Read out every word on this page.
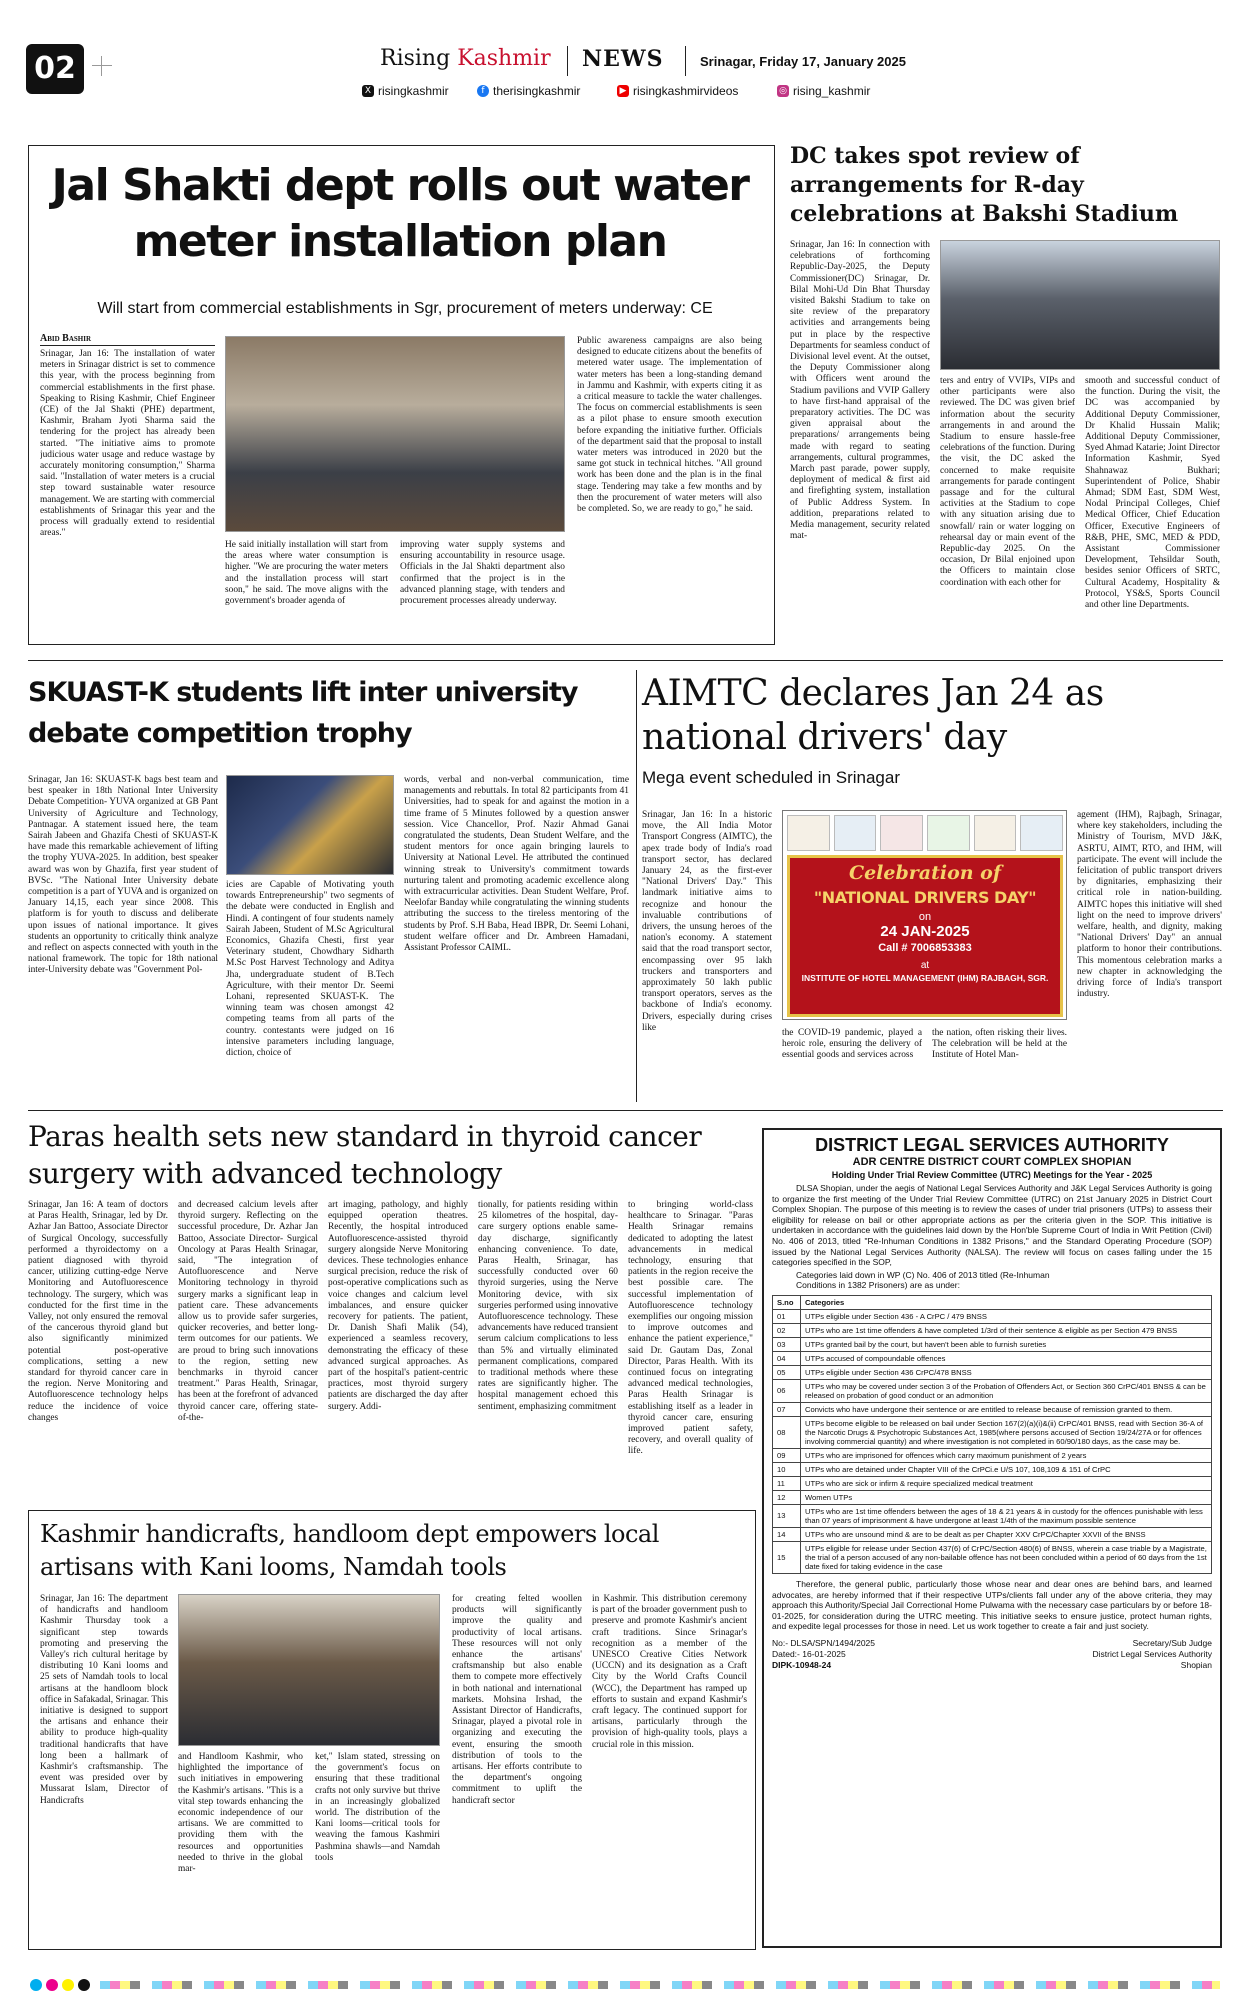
02	Rising Kashmir NEWS	Srinagar, Friday 17, January 2025
X risingkashmir	f therisingkashmir	▶ risingkashmirvideos	◎ rising_kashmir
Jal Shakti dept rolls out water meter installation plan
Will start from commercial establishments in Sgr, procurement of meters underway: CE
Abid Bashir
Srinagar, Jan 16: The installation of water meters in Srinagar district is set to commence this year, with the process beginning from commercial establishments in the first phase. Speaking to Rising Kashmir, Chief Engineer (CE) of the Jal Shakti (PHE) department, Kashmir, Braham Jyoti Sharma said the tendering for the project has already been started. "The initiative aims to promote judicious water usage and reduce wastage by accurately monitoring consumption," Sharma said. "Installation of water meters is a crucial step toward sustainable water resource management. We are starting with commercial establishments of Srinagar this year and the process will gradually extend to residential areas."
He said initially installation will start from the areas where water consumption is higher. "We are procuring the water meters and the installation process will start soon," he said. The move aligns with the government's broader agenda of
improving water supply systems and ensuring accountability in resource usage. Officials in the Jal Shakti department also confirmed that the project is in the advanced planning stage, with tenders and procurement processes already underway.
Public awareness campaigns are also being designed to educate citizens about the benefits of metered water usage. The implementation of water meters has been a long-standing demand in Jammu and Kashmir, with experts citing it as a critical measure to tackle the water challenges. The focus on commercial establishments is seen as a pilot phase to ensure smooth execution before expanding the initiative further. Officials of the department said that the proposal to install water meters was introduced in 2020 but the same got stuck in technical hitches. "All ground work has been done and the plan is in the final stage. Tendering may take a few months and by then the procurement of water meters will also be completed. So, we are ready to go," he said.
DC takes spot review of arrangements for R-day celebrations at Bakshi Stadium
Srinagar, Jan 16: In connection with celebrations of forthcoming Republic-Day-2025, the Deputy Commissioner(DC) Srinagar, Dr. Bilal Mohi-Ud Din Bhat Thursday visited Bakshi Stadium to take on site review of the preparatory activities and arrangements being put in place by the respective Departments for seamless conduct of Divisional level event. At the outset, the Deputy Commissioner along with Officers went around the Stadium pavilions and VVIP Gallery to have first-hand appraisal of the preparatory activities. The DC was given appraisal about the preparations/ arrangements being made with regard to seating arrangements, cultural programmes, March past parade, power supply, deployment of medical & first aid and firefighting system, installation of Public Address System. In addition, preparations related to Media management, security related mat-
ters and entry of VVIPs, VIPs and other participants were also reviewed. The DC was given brief information about the security arrangements in and around the Stadium to ensure hassle-free celebrations of the function. During the visit, the DC asked the concerned to make requisite arrangements for parade contingent passage and for the cultural activities at the Stadium to cope with any situation arising due to snowfall/ rain or water logging on rehearsal day or main event of the Republic-day 2025. On the occasion, Dr Bilal enjoined upon the Officers to maintain close coordination with each other for
smooth and successful conduct of the function. During the visit, the DC was accompanied by Additional Deputy Commissioner, Dr Khalid Hussain Malik; Additional Deputy Commissioner, Syed Ahmad Katarie; Joint Director Information Kashmir, Syed Shahnawaz Bukhari; Superintendent of Police, Shabir Ahmad; SDM East, SDM West, Nodal Principal Colleges, Chief Medical Officer, Chief Education Officer, Executive Engineers of R&B, PHE, SMC, MED & PDD, Assistant Commissioner Development, Tehsildar South, besides senior Officers of SRTC, Cultural Academy, Hospitality & Protocol, YS&S, Sports Council and other line Departments.
SKUAST-K students lift inter university debate competition trophy
Srinagar, Jan 16: SKUAST-K bags best team and best speaker in 18th National Inter University Debate Competition- YUVA organized at GB Pant University of Agriculture and Technology, Pantnagar. A statement issued here, the team Sairah Jabeen and Ghazifa Chesti of SKUAST-K have made this remarkable achievement of lifting the trophy YUVA-2025. In addition, best speaker award was won by Ghazifa, first year student of BVSc. "The National Inter University debate competition is a part of YUVA and is organized on January 14,15, each year since 2008. This platform is for youth to discuss and deliberate upon issues of national importance. It gives students an opportunity to critically think analyze and reflect on aspects connected with youth in the national framework. The topic for 18th national inter-University debate was "Government Pol-
icies are Capable of Motivating youth towards Entrepreneurship" two segments of the debate were conducted in English and Hindi. A contingent of four students namely Sairah Jabeen, Student of M.Sc Agricultural Economics, Ghazifa Chesti, first year Veterinary student, Chowdhary Sidharth M.Sc Post Harvest Technology and Aditya Jha, undergraduate student of B.Tech Agriculture, with their mentor Dr. Seemi Lohani, represented SKUAST-K. The winning team was chosen amongst 42 competing teams from all parts of the country. contestants were judged on 16 intensive parameters including language, diction, choice of
words, verbal and non-verbal communication, time managements and rebuttals. In total 82 participants from 41 Universities, had to speak for and against the motion in a time frame of 5 Minutes followed by a question answer session. Vice Chancellor, Prof. Nazir Ahmad Ganai congratulated the students, Dean Student Welfare, and the student mentors for once again bringing laurels to University at National Level. He attributed the continued winning streak to University's commitment towards nurturing talent and promoting academic excellence along with extracurricular activities. Dean Student Welfare, Prof. Neelofar Banday while congratulating the winning students attributing the success to the tireless mentoring of the students by Prof. S.H Baba, Head IBPR, Dr. Seemi Lohani, student welfare officer and Dr. Ambreen Hamadani, Assistant Professor CAIML.
AIMTC declares Jan 24 as national drivers' day
Mega event scheduled in Srinagar
Srinagar, Jan 16: In a historic move, the All India Motor Transport Congress (AIMTC), the apex trade body of India's road transport sector, has declared January 24, as the first-ever "National Drivers' Day." This landmark initiative aims to recognize and honour the invaluable contributions of drivers, the unsung heroes of the nation's economy. A statement said that the road transport sector, encompassing over 95 lakh truckers and transporters and approximately 50 lakh public transport operators, serves as the backbone of India's economy. Drivers, especially during crises like
Celebration of
"NATIONAL DRIVERS DAY"
on
24 JAN-2025
Call # 7006853383
at
INSTITUTE OF HOTEL MANAGEMENT (IHM) RAJBAGH, SGR.
the COVID-19 pandemic, played a heroic role, ensuring the delivery of essential goods and services across
the nation, often risking their lives. The celebration will be held at the Institute of Hotel Man-
agement (IHM), Rajbagh, Srinagar, where key stakeholders, including the Ministry of Tourism, MVD J&K, ASRTU, AIMT, RTO, and IHM, will participate. The event will include the felicitation of public transport drivers by dignitaries, emphasizing their critical role in nation-building. AIMTC hopes this initiative will shed light on the need to improve drivers' welfare, health, and dignity, making "National Drivers' Day" an annual platform to honor their contributions. This momentous celebration marks a new chapter in acknowledging the driving force of India's transport industry.
Paras health sets new standard in thyroid cancer surgery with advanced technology
Srinagar, Jan 16: A team of doctors at Paras Health, Srinagar, led by Dr. Azhar Jan Battoo, Associate Director of Surgical Oncology, successfully performed a thyroidectomy on a patient diagnosed with thyroid cancer, utilizing cutting-edge Nerve Monitoring and Autofluorescence technology. The surgery, which was conducted for the first time in the Valley, not only ensured the removal of the cancerous thyroid gland but also significantly minimized potential post-operative complications, setting a new standard for thyroid cancer care in the region. Nerve Monitoring and Autofluorescence technology helps reduce the incidence of voice changes
and decreased calcium levels after thyroid surgery. Reflecting on the successful procedure, Dr. Azhar Jan Battoo, Associate Director- Surgical Oncology at Paras Health Srinagar, said, "The integration of Autofluorescence and Nerve Monitoring technology in thyroid surgery marks a significant leap in patient care. These advancements allow us to provide safer surgeries, quicker recoveries, and better long-term outcomes for our patients. We are proud to bring such innovations to the region, setting new benchmarks in thyroid cancer treatment." Paras Health, Srinagar, has been at the forefront of advanced thyroid cancer care, offering state-of-the-
art imaging, pathology, and highly equipped operation theatres. Recently, the hospital introduced Autofluorescence-assisted thyroid surgery alongside Nerve Monitoring devices. These technologies enhance surgical precision, reduce the risk of post-operative complications such as voice changes and calcium level imbalances, and ensure quicker recovery for patients. The patient, Dr. Danish Shafi Malik (54), experienced a seamless recovery, demonstrating the efficacy of these advanced surgical approaches. As part of the hospital's patient-centric practices, most thyroid surgery patients are discharged the day after surgery. Addi-
tionally, for patients residing within 25 kilometres of the hospital, day-care surgery options enable same-day discharge, significantly enhancing convenience. To date, Paras Health, Srinagar, has successfully conducted over 60 thyroid surgeries, using the Nerve Monitoring device, with six surgeries performed using innovative Autofluorescence technology. These advancements have reduced transient serum calcium complications to less than 5% and virtually eliminated permanent complications, compared to traditional methods where these rates are significantly higher. The hospital management echoed this sentiment, emphasizing commitment
to bringing world-class healthcare to Srinagar. "Paras Health Srinagar remains dedicated to adopting the latest advancements in medical technology, ensuring that patients in the region receive the best possible care. The successful implementation of Autofluorescence technology exemplifies our ongoing mission to improve outcomes and enhance the patient experience," said Dr. Gautam Das, Zonal Director, Paras Health. With its continued focus on integrating advanced medical technologies, Paras Health Srinagar is establishing itself as a leader in thyroid cancer care, ensuring improved patient safety, recovery, and overall quality of life.
Kashmir handicrafts, handloom dept empowers local artisans with Kani looms, Namdah tools
Srinagar, Jan 16: The department of handicrafts and handloom Kashmir Thursday took a significant step towards promoting and preserving the Valley's rich cultural heritage by distributing 10 Kani looms and 25 sets of Namdah tools to local artisans at the handloom block office in Safakadal, Srinagar. This initiative is designed to support the artisans and enhance their ability to produce high-quality traditional handicrafts that have long been a hallmark of Kashmir's craftsmanship. The event was presided over by Mussarat Islam, Director of Handicrafts
and Handloom Kashmir, who highlighted the importance of such initiatives in empowering the Kashmir's artisans. "This is a vital step towards enhancing the economic independence of our artisans. We are committed to providing them with the resources and opportunities needed to thrive in the global mar-
ket," Islam stated, stressing on the government's focus on ensuring that these traditional crafts not only survive but thrive in an increasingly globalized world. The distribution of the Kani looms—critical tools for weaving the famous Kashmiri Pashmina shawls—and Namdah tools
for creating felted woollen products will significantly improve the quality and productivity of local artisans. These resources will not only enhance the artisans' craftsmanship but also enable them to compete more effectively in both national and international markets. Mohsina Irshad, the Assistant Director of Handicrafts, Srinagar, played a pivotal role in organizing and executing the event, ensuring the smooth distribution of tools to the artisans. Her efforts contribute to the department's ongoing commitment to uplift the handicraft sector
in Kashmir. This distribution ceremony is part of the broader government push to preserve and promote Kashmir's ancient craft traditions. Since Srinagar's recognition as a member of the UNESCO Creative Cities Network (UCCN) and its designation as a Craft City by the World Crafts Council (WCC), the Department has ramped up efforts to sustain and expand Kashmir's craft legacy. The continued support for artisans, particularly through the provision of high-quality tools, plays a crucial role in this mission.
DISTRICT LEGAL SERVICES AUTHORITY
ADR CENTRE DISTRICT COURT COMPLEX SHOPIAN
Holding Under Trial Review Committee (UTRC) Meetings for the Year - 2025
DLSA Shopian, under the aegis of National Legal Services Authority and J&K Legal Services Authority is going to organize the first meeting of the Under Trial Review Committee (UTRC) on 21st January 2025 in District Court Complex Shopian. The purpose of this meeting is to review the cases of under trial prisoners (UTPs) to assess their eligibility for release on bail or other appropriate actions as per the criteria given in the SOP. This initiative is undertaken in accordance with the guidelines laid down by the Hon'ble Supreme Court of India in Writ Petition (Civil) No. 406 of 2013, titled "Re-Inhuman Conditions in 1382 Prisons," and the Standard Operating Procedure (SOP) issued by the National Legal Services Authority (NALSA). The review will focus on cases falling under the 15 categories specified in the SOP,
Categories laid down in WP (C) No. 406 of 2013 titled (Re-Inhuman Conditions in 1382 Prisoners) are as under:
S.no	Categories
01	UTPs eligible under Section 436 - A CrPC / 479 BNSS
02	UTPs who are 1st time offenders & have completed 1/3rd of their sentence & eligible as per Section 479 BNSS
03	UTPs granted bail by the court, but haven't been able to furnish sureties
04	UTPs accused of compoundable offences
05	UTPs eligible under Section 436 CrPC/478 BNSS
06	UTPs who may be covered under section 3 of the Probation of Offenders Act, or Section 360 CrPC/401 BNSS & can be released on probation of good conduct or an admonition
07	Convicts who have undergone their sentence or are entitled to release because of remission granted to them.
08	UTPs become eligible to be released on bail under Section 167(2)(a)(i)&(ii) CrPC/401 BNSS, read with Section 36-A of the Narcotic Drugs & Psychotropic Substances Act, 1985(where persons accused of Section 19/24/27A or for offences involving commercial quantity) and where investigation is not completed in 60/90/180 days, as the case may be.
09	UTPs who are imprisoned for offences which carry maximum punishment of 2 years
10	UTPs who are detained under Chapter VIII of the CrPCi.e U/S 107, 108,109 & 151 of CrPC
11	UTPs who are sick or infirm & require specialized medical treatment
12	Women UTPs
13	UTPs who are 1st time offenders between the ages of 18 & 21 years & in custody for the offences punishable with less than 07 years of imprisonment & have undergone at least 1/4th of the maximum possible sentence
14	UTPs who are unsound mind & are to be dealt as per Chapter XXV CrPC/Chapter XXVII of the BNSS
15	UTPs eligible for release under Section 437(6) of CrPC/Section 480(6) of BNSS, wherein a case triable by a Magistrate, the trial of a person accused of any non-bailable offence has not been concluded within a period of 60 days from the 1st date fixed for taking evidence in the case
Therefore, the general public, particularly those whose near and dear ones are behind bars, and learned advocates, are hereby informed that if their respective UTPs/clients fall under any of the above criteria, they may approach this Authority/Special Jail Correctional Home Pulwama with the necessary case particulars by or before 18-01-2025, for consideration during the UTRC meeting. This initiative seeks to ensure justice, protect human rights, and expedite legal processes for those in need. Let us work together to create a fair and just society.
No:- DLSA/SPN/1494/2025
Dated:- 16-01-2025
DIPK-10948-24
Secretary/Sub Judge
District Legal Services Authority
Shopian
